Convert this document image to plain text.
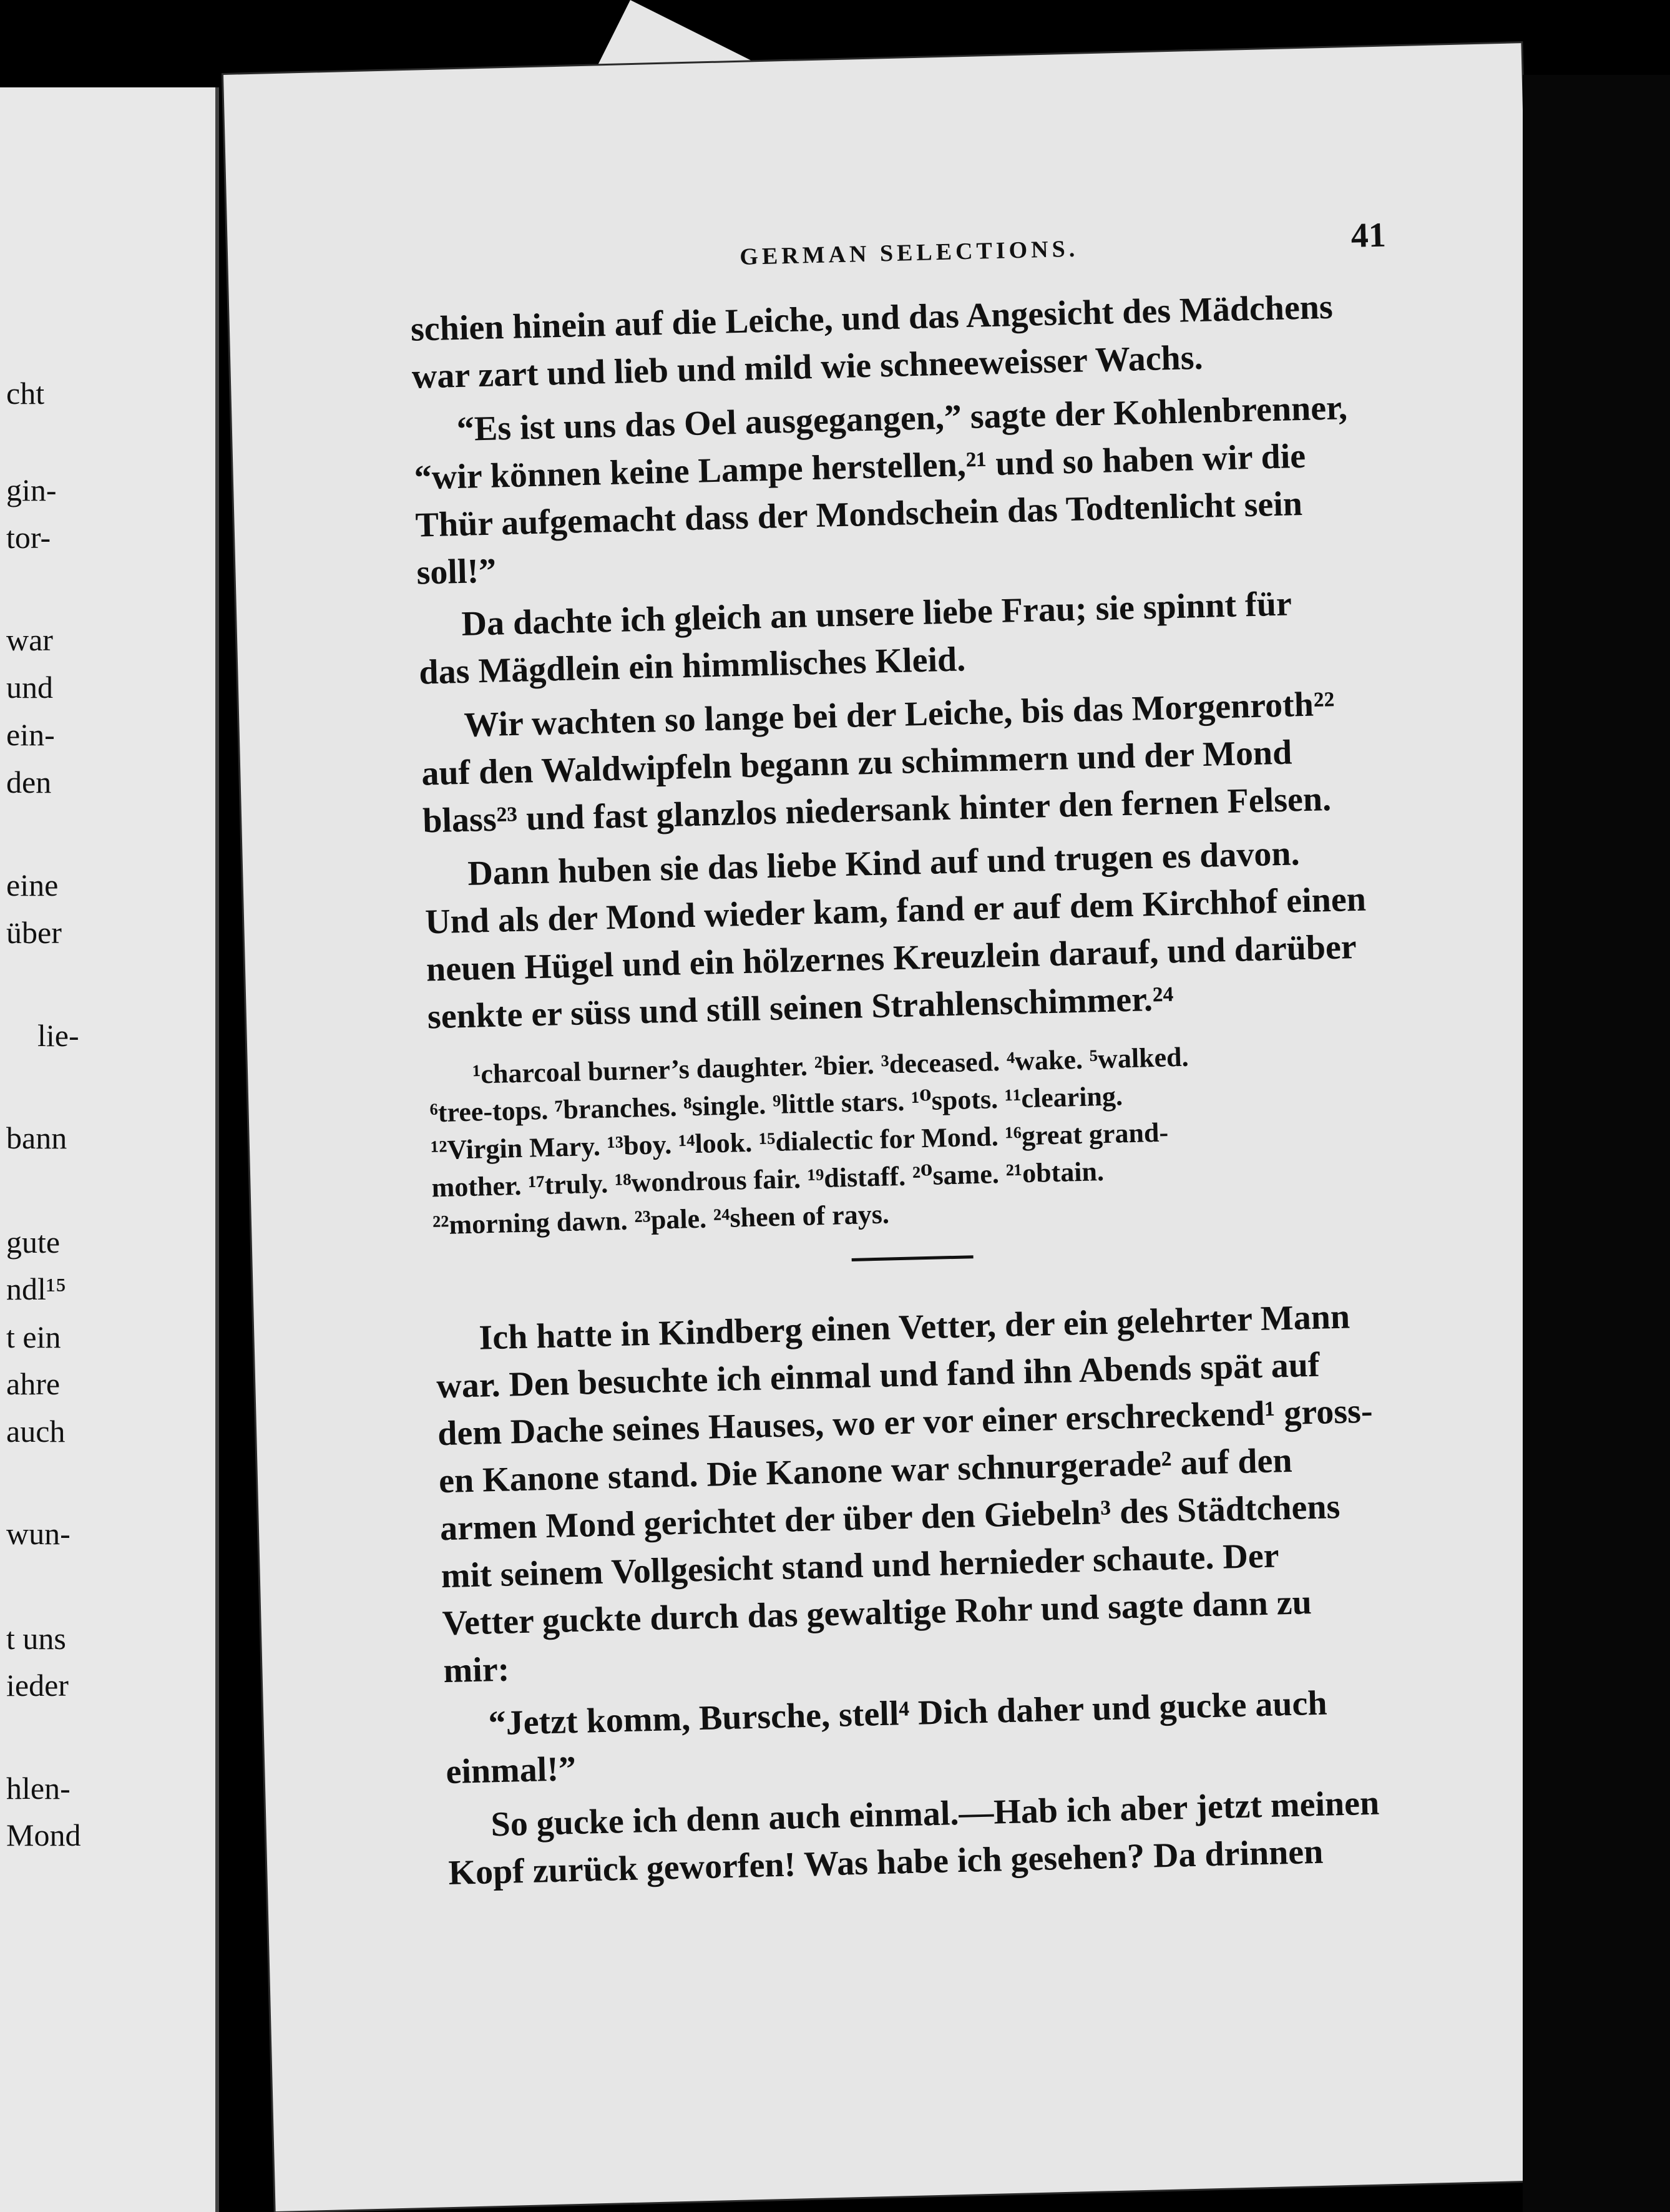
cht
gin-
tor-
war
und
ein-
den
eine
über
lie-
bann
gute
ndl¹⁵
t ein
ahre
auch
wun-
t uns
ieder
hlen-
Mond
GERMAN SELECTIONS.	41
schien hinein auf die Leiche, und das Angesicht des Mädchens
war zart und lieb und mild wie schneeweisser Wachs.
“Es ist uns das Oel ausgegangen,” sagte der Kohlenbrenner,
“wir können keine Lampe herstellen,²¹ und so haben wir die
Thür aufgemacht dass der Mondschein das Todtenlicht sein
soll!”
Da dachte ich gleich an unsere liebe Frau; sie spinnt für
das Mägdlein ein himmlisches Kleid.
Wir wachten so lange bei der Leiche, bis das Morgenroth²²
auf den Waldwipfeln begann zu schimmern und der Mond
blass²³ und fast glanzlos niedersank hinter den fernen Felsen.
Dann huben sie das liebe Kind auf und trugen es davon.
Und als der Mond wieder kam, fand er auf dem Kirchhof einen
neuen Hügel und ein hölzernes Kreuzlein darauf, und darüber
senkte er süss und still seinen Strahlenschimmer.²⁴
¹charcoal burner’s daughter. ²bier. ³deceased. ⁴wake. ⁵walked.
⁶tree-tops. ⁷branches. ⁸single. ⁹little stars. ¹⁰spots. ¹¹clearing.
¹²Virgin Mary. ¹³boy. ¹⁴look. ¹⁵dialectic for Mond. ¹⁶great grand-
mother. ¹⁷truly. ¹⁸wondrous fair. ¹⁹distaff. ²⁰same. ²¹obtain.
²²morning dawn. ²³pale. ²⁴sheen of rays.
Ich hatte in Kindberg einen Vetter, der ein gelehrter Mann
war. Den besuchte ich einmal und fand ihn Abends spät auf
dem Dache seines Hauses, wo er vor einer erschreckend¹ gross-
en Kanone stand. Die Kanone war schnurgerade² auf den
armen Mond gerichtet der über den Giebeln³ des Städtchens
mit seinem Vollgesicht stand und hernieder schaute. Der
Vetter guckte durch das gewaltige Rohr und sagte dann zu
mir:
“Jetzt komm, Bursche, stell⁴ Dich daher und gucke auch
einmal!”
So gucke ich denn auch einmal.—Hab ich aber jetzt meinen
Kopf zurück geworfen! Was habe ich gesehen? Da drinnen
